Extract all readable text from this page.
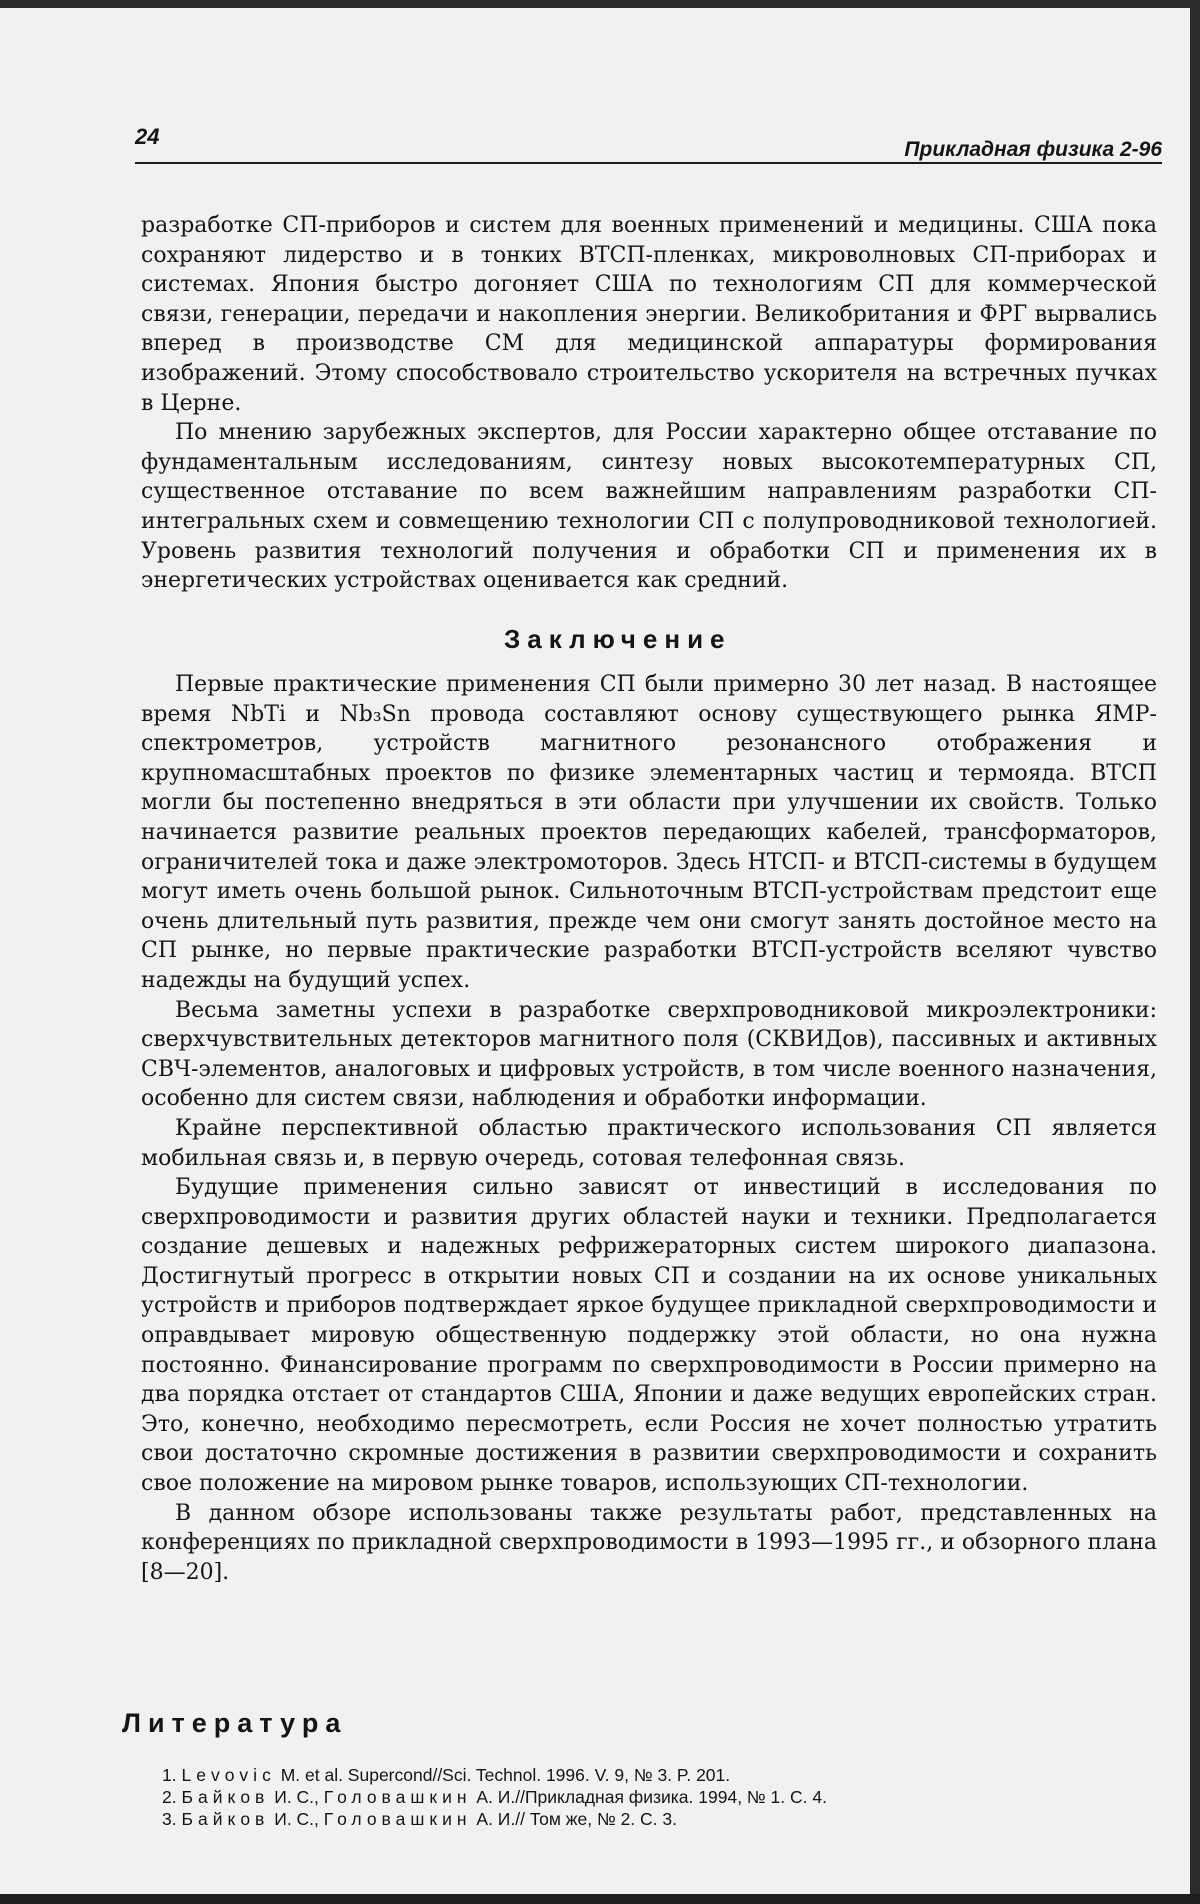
24
Прикладная физика 2-96

разработке СП-приборов и систем для военных применений и медицины. США пока сохраняют лидерство и в тонких ВТСП-пленках, микроволновых СП-приборах и системах. Япония быстро догоняет США по технологиям СП для коммерческой связи, генерации, передачи и накопления энергии. Великобритания и ФРГ вырвались вперед в производстве СМ для медицинской аппаратуры формирования изображений. Этому способствовало строительство ускорителя на встречных пучках в Церне.

По мнению зарубежных экспертов, для России характерно общее отставание по фундаментальным исследованиям, синтезу новых высокотемпературных СП, существенное отставание по всем важнейшим направлениям разработки СП-интегральных схем и совмещению технологии СП с полупроводниковой технологией. Уровень развития технологий получения и обработки СП и применения их в энергетических устройствах оценивается как средний.

Заключение

Первые практические применения СП были примерно 30 лет назад. В настоящее время NbTi и Nb₃Sn провода составляют основу существующего рынка ЯМР-спектрометров, устройств магнитного резонансного отображения и крупномасштабных проектов по физике элементарных частиц и термояда. ВТСП могли бы постепенно внедряться в эти области при улучшении их свойств. Только начинается развитие реальных проектов передающих кабелей, трансформаторов, ограничителей тока и даже электромоторов. Здесь НТСП- и ВТСП-системы в будущем могут иметь очень большой рынок. Сильноточным ВТСП-устройствам предстоит еще очень длительный путь развития, прежде чем они смогут занять достойное место на СП рынке, но первые практические разработки ВТСП-устройств вселяют чувство надежды на будущий успех.

Весьма заметны успехи в разработке сверхпроводниковой микроэлектроники: сверхчувствительных детекторов магнитного поля (СКВИДов), пассивных и активных СВЧ-элементов, аналоговых и цифровых устройств, в том числе военного назначения, особенно для систем связи, наблюдения и обработки информации.

Крайне перспективной областью практического использования СП является мобильная связь и, в первую очередь, сотовая телефонная связь.

Будущие применения сильно зависят от инвестиций в исследования по сверхпроводимости и развития других областей науки и техники. Предполагается создание дешевых и надежных рефрижераторных систем широкого диапазона. Достигнутый прогресс в открытии новых СП и создании на их основе уникальных устройств и приборов подтверждает яркое будущее прикладной сверхпроводимости и оправдывает мировую общественную поддержку этой области, но она нужна постоянно. Финансирование программ по сверхпроводимости в России примерно на два порядка отстает от стандартов США, Японии и даже ведущих европейских стран. Это, конечно, необходимо пересмотреть, если Россия не хочет полностью утратить свои достаточно скромные достижения в развитии сверхпроводимости и сохранить свое положение на мировом рынке товаров, использующих СП-технологии.

В данном обзоре использованы также результаты работ, представленных на конференциях по прикладной сверхпроводимости в 1993—1995 гг., и обзорного плана [8—20].

Литература
1. Levovic M. et al. Supercond//Sci. Technol. 1996. V. 9, № 3. P. 201.
2. Байков И. С., Головашкин А. И.//Прикладная физика. 1994, № 1. С. 4.
3. Байков И. С., Головашкин А. И.// Том же, № 2. С. 3.
